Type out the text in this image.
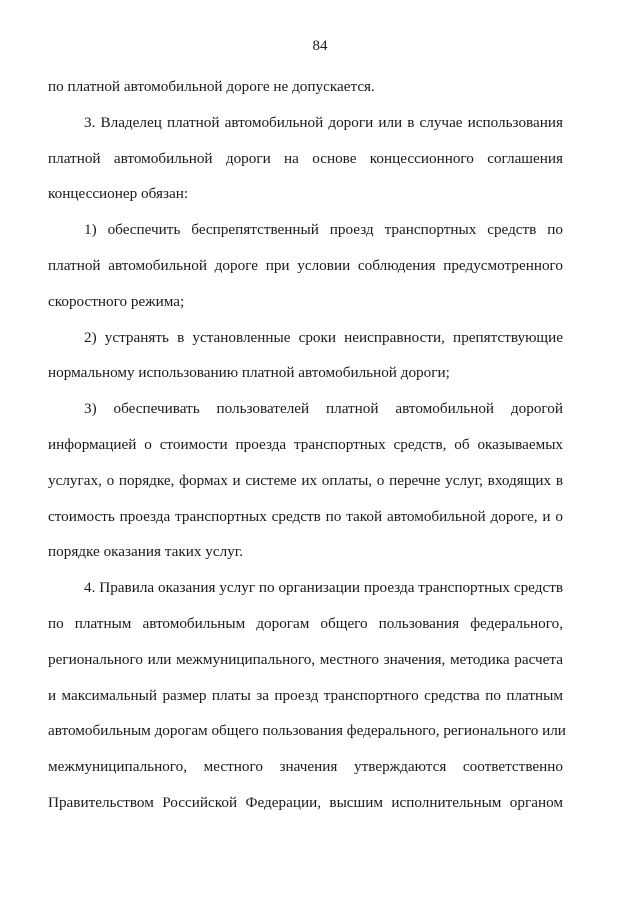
84
по платной автомобильной дороге не допускается.
3. Владелец платной автомобильной дороги или в случае использования
платной автомобильной дороги на основе концессионного соглашения
концессионер обязан:
1) обеспечить беспрепятственный проезд транспортных средств по
платной автомобильной дороге при условии соблюдения предусмотренного
скоростного режима;
2) устранять в установленные сроки неисправности, препятствующие
нормальному использованию платной автомобильной дороги;
3) обеспечивать пользователей платной автомобильной дорогой
информацией о стоимости проезда транспортных средств, об оказываемых
услугах, о порядке, формах и системе их оплаты, о перечне услуг, входящих в
стоимость проезда транспортных средств по такой автомобильной дороге, и о
порядке оказания таких услуг.
4. Правила оказания услуг по организации проезда транспортных средств
по платным автомобильным дорогам общего пользования федерального,
регионального или межмуниципального, местного значения, методика расчета
и максимальный размер платы за проезд транспортного средства по платным
автомобильным дорогам общего пользования федерального, регионального или
межмуниципального, местного значения утверждаются соответственно
Правительством Российской Федерации, высшим исполнительным органом
